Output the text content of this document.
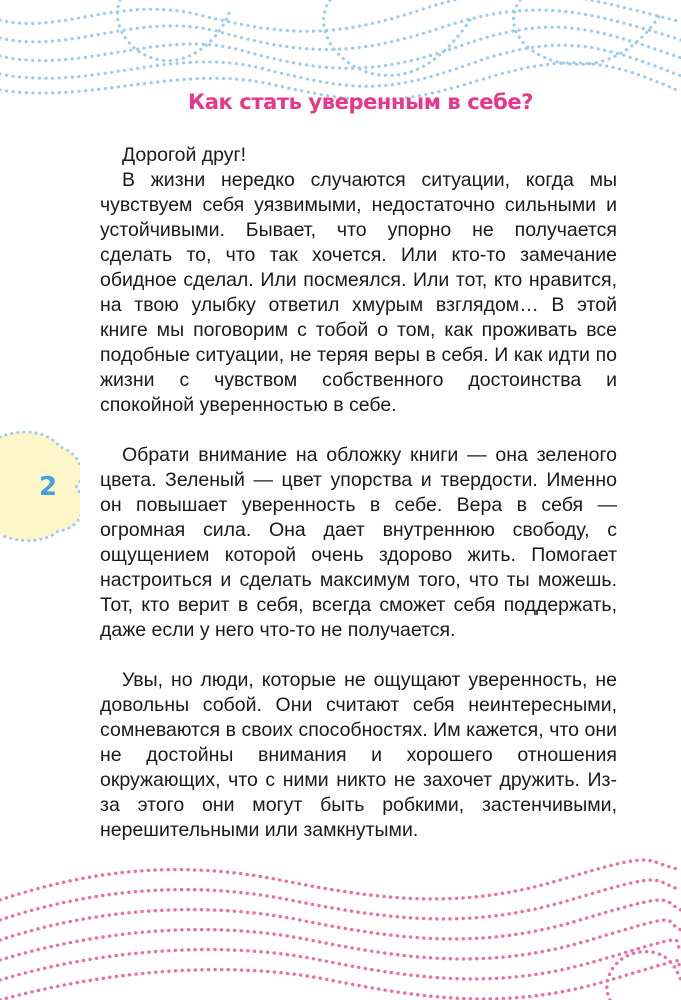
Как стать уверенным в себе?

Дорогой друг!

В жизни нередко случаются ситуации, когда мы чувствуем себя уязвимыми, недостаточно сильными и устойчивыми. Бывает, что упорно не получается сделать то, что так хочется. Или кто-то замечание обидное сделал. Или посмеялся. Или тот, кто нравится, на твою улыбку ответил хмурым взглядом… В этой книге мы поговорим с тобой о том, как проживать все подобные ситуации, не теряя веры в себя. И как идти по жизни с чувством собственного достоинства и спокойной уверенностью в себе.

Обрати внимание на обложку книги — она зеленого цвета. Зеленый — цвет упорства и твердости. Именно он повышает уверенность в себе. Вера в себя — огромная сила. Она дает внутреннюю свободу, с ощущением которой очень здорово жить. Помогает настроиться и сделать максимум того, что ты можешь. Тот, кто верит в себя, всегда сможет себя поддержать, даже если у него что-то не получается.

Увы, но люди, которые не ощущают уверенность, не довольны собой. Они считают себя неинтересными, сомневаются в своих способностях. Им кажется, что они не достойны внимания и хорошего отношения окружающих, что с ними никто не захочет дружить. Из-за этого они могут быть робкими, застенчивыми, нерешительными или замкнутыми.

2
